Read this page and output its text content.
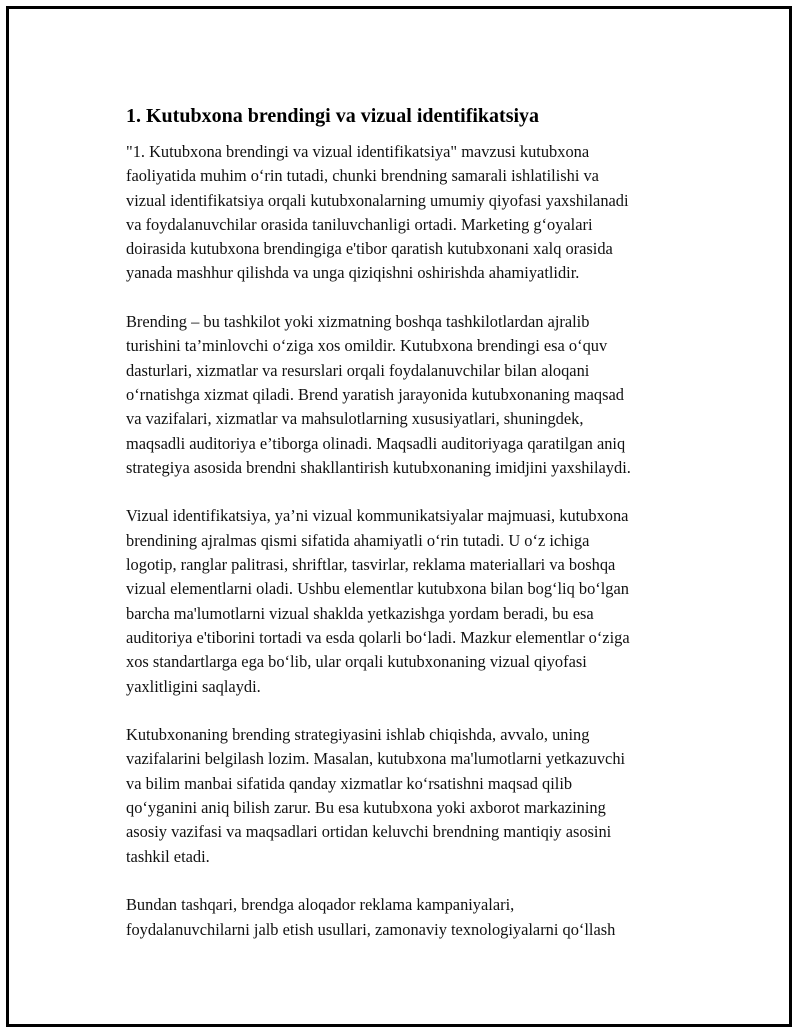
1. Kutubxona brendingi va vizual identifikatsiya

"1. Kutubxona brendingi va vizual identifikatsiya" mavzusi kutubxona
faoliyatida muhim oʻrin tutadi, chunki brendning samarali ishlatilishi va
vizual identifikatsiya orqali kutubxonalarning umumiy qiyofasi yaxshilanadi
va foydalanuvchilar orasida taniluvchanligi ortadi. Marketing gʻoyalari
doirasida kutubxona brendingiga e'tibor qaratish kutubxonani xalq orasida
yanada mashhur qilishda va unga qiziqishni oshirishda ahamiyatlidir.

Brending – bu tashkilot yoki xizmatning boshqa tashkilotlardan ajralib
turishini ta’minlovchi oʻziga xos omildir. Kutubxona brendingi esa oʻquv
dasturlari, xizmatlar va resurslari orqali foydalanuvchilar bilan aloqani
oʻrnatishga xizmat qiladi. Brend yaratish jarayonida kutubxonaning maqsad
va vazifalari, xizmatlar va mahsulotlarning xususiyatlari, shuningdek,
maqsadli auditoriya e’tiborga olinadi. Maqsadli auditoriyaga qaratilgan aniq
strategiya asosida brendni shakllantirish kutubxonaning imidjini yaxshilaydi.

Vizual identifikatsiya, ya’ni vizual kommunikatsiyalar majmuasi, kutubxona
brendining ajralmas qismi sifatida ahamiyatli oʻrin tutadi. U oʻz ichiga
logotip, ranglar palitrasi, shriftlar, tasvirlar, reklama materiallari va boshqa
vizual elementlarni oladi. Ushbu elementlar kutubxona bilan bogʻliq boʻlgan
barcha ma'lumotlarni vizual shaklda yetkazishga yordam beradi, bu esa
auditoriya e'tiborini tortadi va esda qolarli boʻladi. Mazkur elementlar oʻziga
xos standartlarga ega boʻlib, ular orqali kutubxonaning vizual qiyofasi
yaxlitligini saqlaydi.

Kutubxonaning brending strategiyasini ishlab chiqishda, avvalo, uning
vazifalarini belgilash lozim. Masalan, kutubxona ma'lumotlarni yetkazuvchi
va bilim manbai sifatida qanday xizmatlar koʻrsatishni maqsad qilib
qoʻyganini aniq bilish zarur. Bu esa kutubxona yoki axborot markazining
asosiy vazifasi va maqsadlari ortidan keluvchi brendning mantiqiy asosini
tashkil etadi.

Bundan tashqari, brendga aloqador reklama kampaniyalari,
foydalanuvchilarni jalb etish usullari, zamonaviy texnologiyalarni qoʻllash
